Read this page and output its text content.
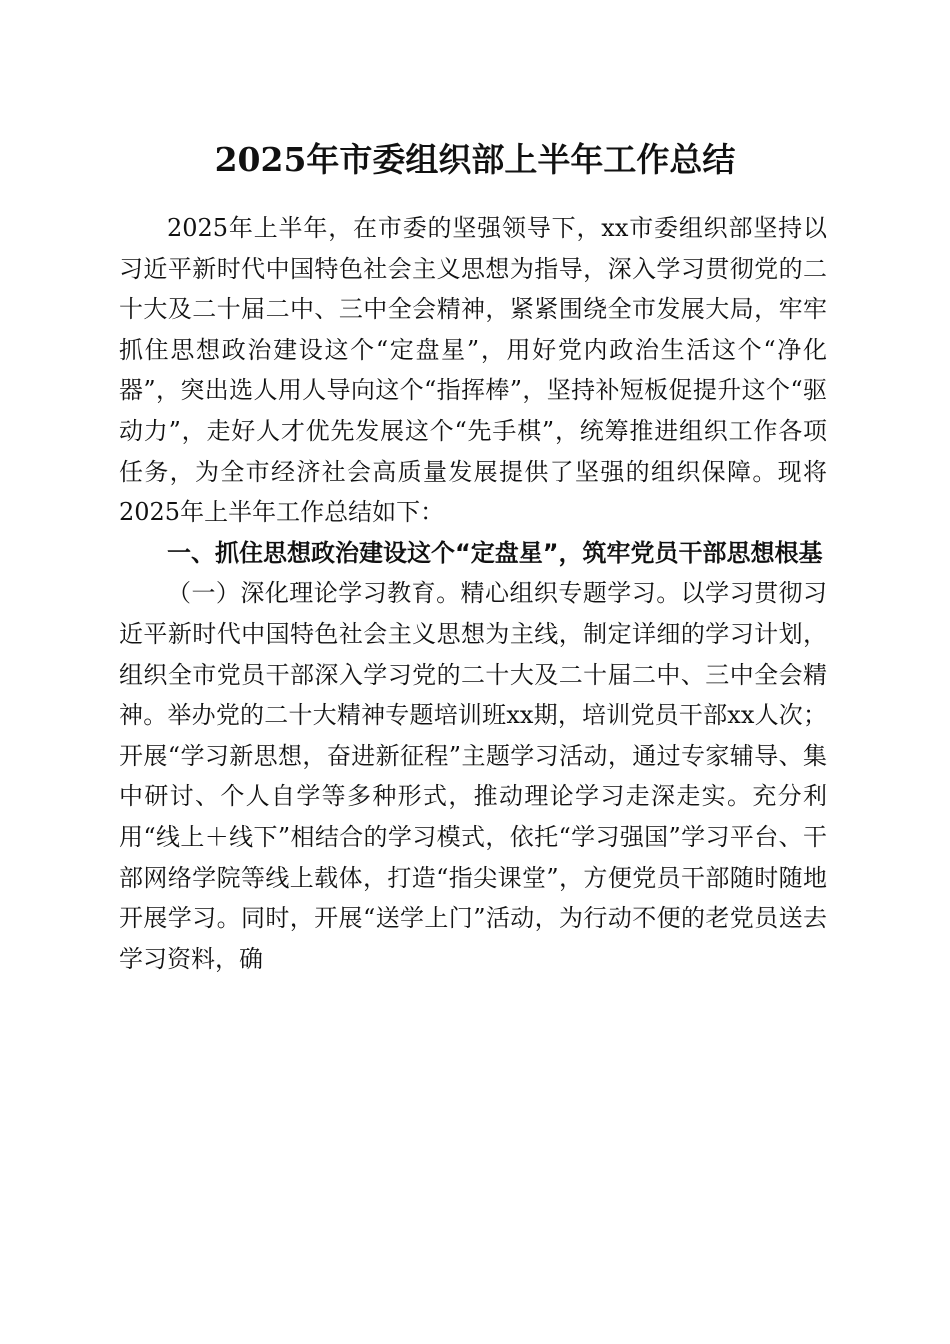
2025年市委组织部上半年工作总结

2025年上半年，在市委的坚强领导下，xx市委组织部坚持以习近平新时代中国特色社会主义思想为指导，深入学习贯彻党的二十大及二十届二中、三中全会精神，紧紧围绕全市发展大局，牢牢抓住思想政治建设这个“定盘星”，用好党内政治生活这个“净化器”，突出选人用人导向这个“指挥棒”，坚持补短板促提升这个“驱动力”，走好人才优先发展这个“先手棋”，统筹推进组织工作各项任务，为全市经济社会高质量发展提供了坚强的组织保障。现将2025年上半年工作总结如下：

一、抓住思想政治建设这个“定盘星”，筑牢党员干部思想根基

（一）深化理论学习教育。精心组织专题学习。以学习贯彻习近平新时代中国特色社会主义思想为主线，制定详细的学习计划，组织全市党员干部深入学习党的二十大及二十届二中、三中全会精神。举办党的二十大精神专题培训班xx期，培训党员干部xx人次；开展“学习新思想，奋进新征程”主题学习活动，通过专家辅导、集中研讨、个人自学等多种形式，推动理论学习走深走实。充分利用“线上＋线下”相结合的学习模式，依托“学习强国”学习平台、干部网络学院等线上载体，打造“指尖课堂”，方便党员干部随时随地开展学习。同时，开展“送学上门”活动，为行动不便的老党员送去学习资料，确
